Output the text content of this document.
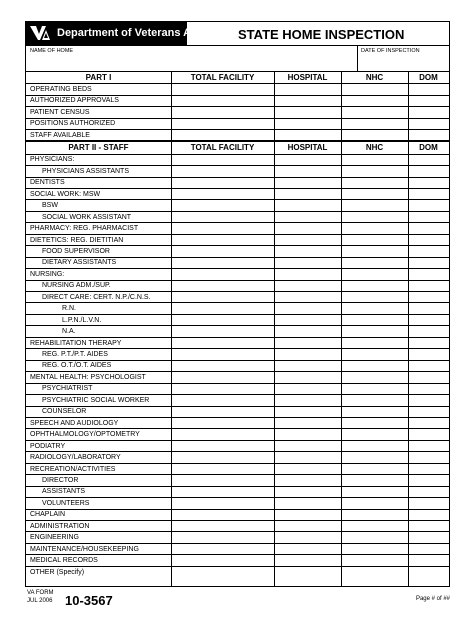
Department of Veterans Affairs STATE HOME INSPECTION
NAME OF HOME	DATE OF INSPECTION
PART I	TOTAL FACILITY	HOSPITAL	NHC	DOM
OPERATING BEDS
AUTHORIZED APPROVALS
PATIENT CENSUS
POSITIONS AUTHORIZED
STAFF AVAILABLE
PART II - STAFF	TOTAL FACILITY	HOSPITAL	NHC	DOM
PHYSICIANS:
PHYSICIANS ASSISTANTS
DENTISTS
SOCIAL WORK: MSW
BSW
SOCIAL WORK ASSISTANT
PHARMACY: REG. PHARMACIST
DIETETICS: REG. DIETITIAN
FOOD SUPERVISOR
DIETARY ASSISTANTS
NURSING:
NURSING ADM./SUP.
DIRECT CARE: CERT. N.P./C.N.S.
R.N.
L.P.N./L.V.N.
N.A.
REHABILITATION THERAPY
REG. P.T./P.T. AIDES
REG. O.T./O.T. AIDES
MENTAL HEALTH: PSYCHOLOGIST
PSYCHIATRIST
PSYCHIATRIC SOCIAL WORKER
COUNSELOR
SPEECH AND AUDIOLOGY
OPHTHALMOLOGY/OPTOMETRY
PODIATRY
RADIOLOGY/LABORATORY
RECREATION/ACTIVITIES
DIRECTOR
ASSISTANTS
VOLUNTEERS
CHAPLAIN
ADMINISTRATION
ENGINEERING
MAINTENANCE/HOUSEKEEPING
MEDICAL RECORDS
OTHER (Specify)
VA FORM
JUL 2006 10-3567	Page # of ##
